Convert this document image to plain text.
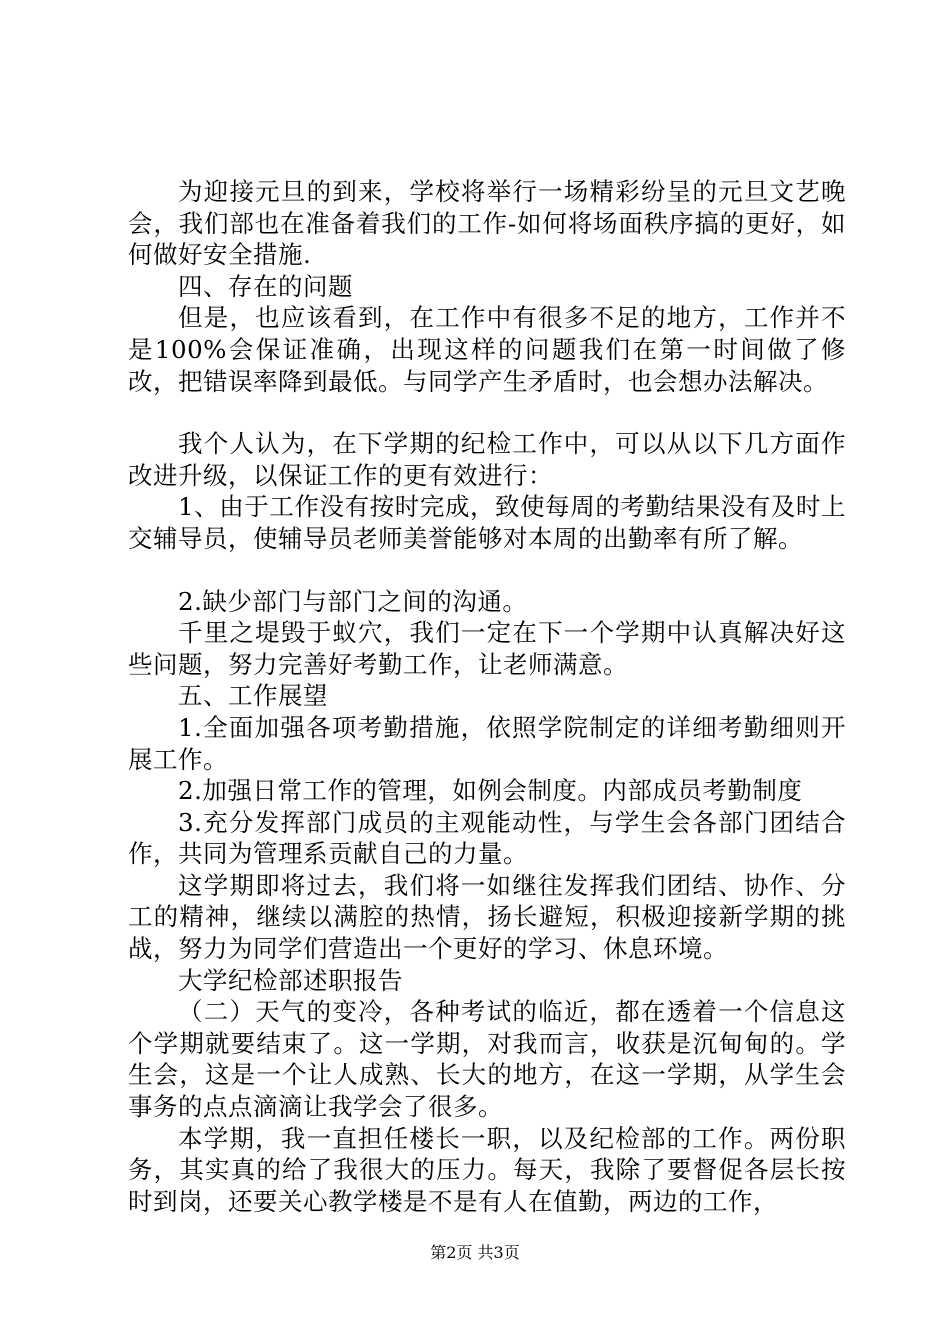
为迎接元旦的到来，学校将举行一场精彩纷呈的元旦文艺晚会，我们部也在准备着我们的工作-如何将场面秩序搞的更好，如何做好安全措施.

四、存在的问题

但是，也应该看到，在工作中有很多不足的地方，工作并不是100%会保证准确，出现这样的问题我们在第一时间做了修改，把错误率降到最低。与同学产生矛盾时，也会想办法解决。

我个人认为，在下学期的纪检工作中，可以从以下几方面作改进升级，以保证工作的更有效进行：

1、由于工作没有按时完成，致使每周的考勤结果没有及时上交辅导员，使辅导员老师美誉能够对本周的出勤率有所了解。

2.缺少部门与部门之间的沟通。

千里之堤毁于蚁穴，我们一定在下一个学期中认真解决好这些问题，努力完善好考勤工作，让老师满意。

五、工作展望

1.全面加强各项考勤措施，依照学院制定的详细考勤细则开展工作。

2.加强日常工作的管理，如例会制度。内部成员考勤制度

3.充分发挥部门成员的主观能动性，与学生会各部门团结合作，共同为管理系贡献自己的力量。

这学期即将过去，我们将一如继往发挥我们团结、协作、分工的精神，继续以满腔的热情，扬长避短，积极迎接新学期的挑战，努力为同学们营造出一个更好的学习、休息环境。

大学纪检部述职报告

（二）天气的变冷，各种考试的临近，都在透着一个信息这个学期就要结束了。这一学期，对我而言，收获是沉甸甸的。学生会，这是一个让人成熟、长大的地方，在这一学期，从学生会事务的点点滴滴让我学会了很多。

本学期，我一直担任楼长一职，以及纪检部的工作。两份职务，其实真的给了我很大的压力。每天，我除了要督促各层长按时到岗，还要关心教学楼是不是有人在值勤，两边的工作，

第2页 共3页
